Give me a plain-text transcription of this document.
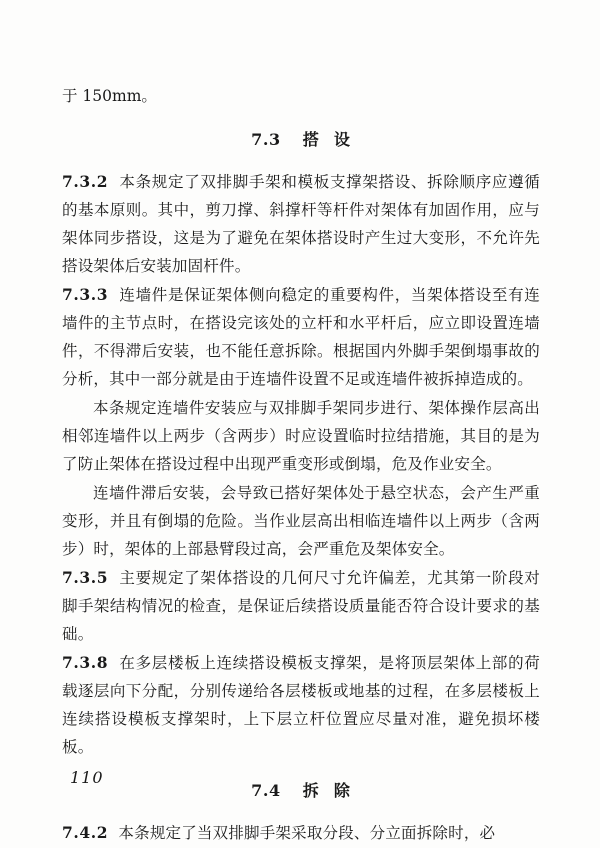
于 150mm。

7.3 搭 设

7.3.2 本条规定了双排脚手架和模板支撑架搭设、拆除顺序应遵循的基本原则。其中，剪刀撑、斜撑杆等杆件对架体有加固作用，应与架体同步搭设，这是为了避免在架体搭设时产生过大变形，不允许先搭设架体后安装加固杆件。

7.3.3 连墙件是保证架体侧向稳定的重要构件，当架体搭设至有连墙件的主节点时，在搭设完该处的立杆和水平杆后，应立即设置连墙件，不得滞后安装，也不能任意拆除。根据国内外脚手架倒塌事故的分析，其中一部分就是由于连墙件设置不足或连墙件被拆掉造成的。

本条规定连墙件安装应与双排脚手架同步进行、架体操作层高出相邻连墙件以上两步（含两步）时应设置临时拉结措施，其目的是为了防止架体在搭设过程中出现严重变形或倒塌，危及作业安全。

连墙件滞后安装，会导致已搭好架体处于悬空状态，会产生严重变形，并且有倒塌的危险。当作业层高出相临连墙件以上两步（含两步）时，架体的上部悬臂段过高，会严重危及架体安全。

7.3.5 主要规定了架体搭设的几何尺寸允许偏差，尤其第一阶段对脚手架结构情况的检查，是保证后续搭设质量能否符合设计要求的基础。

7.3.8 在多层楼板上连续搭设模板支撑架，是将顶层架体上部的荷载逐层向下分配，分别传递给各层楼板或地基的过程，在多层楼板上连续搭设模板支撑架时，上下层立杆位置应尽量对准，避免损坏楼板。

7.4 拆 除

7.4.2 本条规定了当双排脚手架采取分段、分立面拆除时，必

110
